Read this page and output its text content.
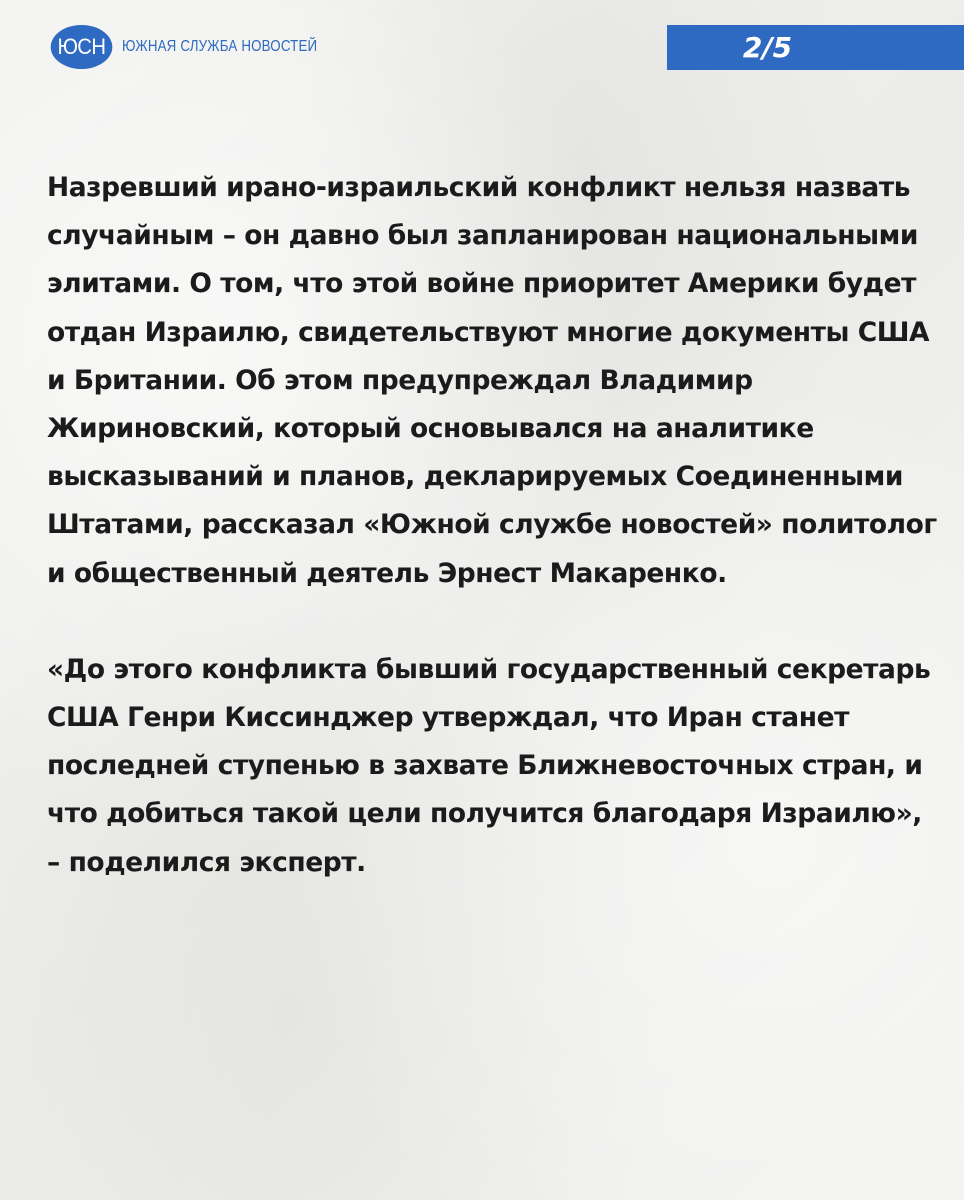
ЮСН	ЮЖНАЯ СЛУЖБА НОВОСТЕЙ	2/5

Назревший ирано-израильский конфликт нельзя назвать
случайным – он давно был запланирован национальными
элитами. О том, что этой войне приоритет Америки будет
отдан Израилю, свидетельствуют многие документы США
и Британии. Об этом предупреждал Владимир
Жириновский, который основывался на аналитике
высказываний и планов, декларируемых Соединенными
Штатами, рассказал «Южной службе новостей» политолог
и общественный деятель Эрнест Макаренко.

«До этого конфликта бывший государственный секретарь
США Генри Киссинджер утверждал, что Иран станет
последней ступенью в захвате Ближневосточных стран, и
что добиться такой цели получится благодаря Израилю»,
– поделился эксперт.
